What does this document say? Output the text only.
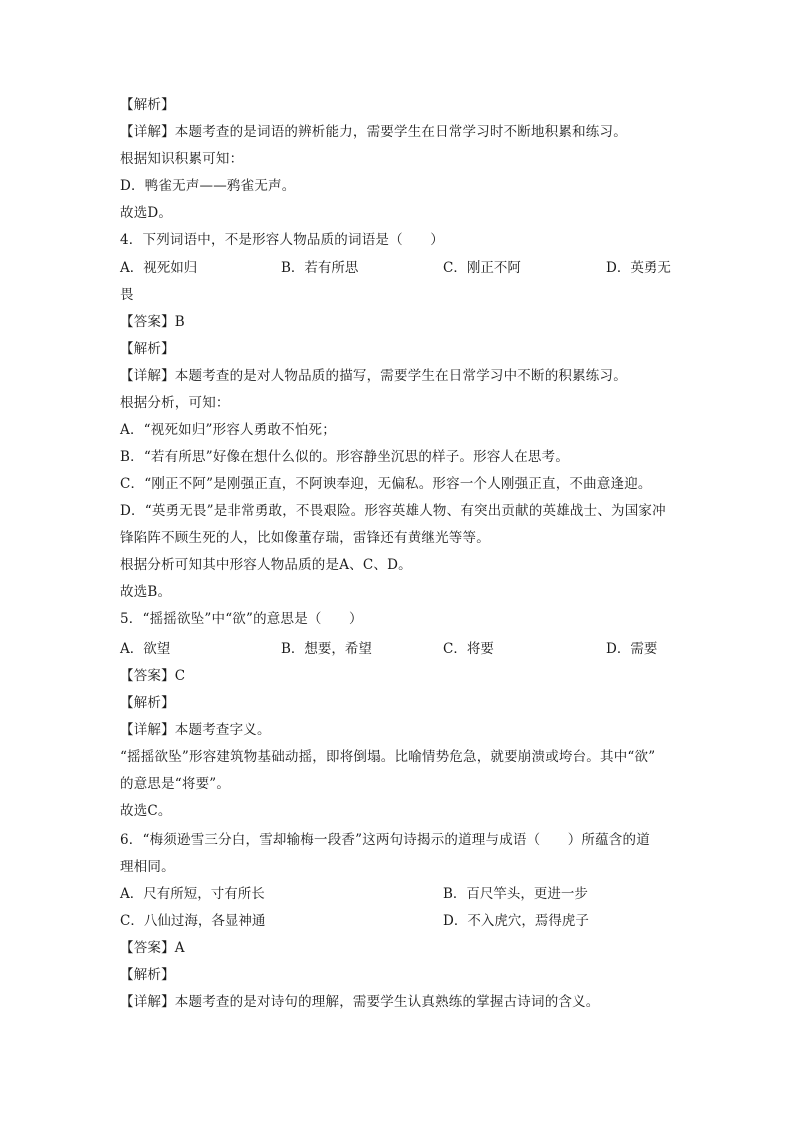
【解析】
【详解】本题考查的是词语的辨析能力，需要学生在日常学习时不断地积累和练习。
根据知识积累可知：
D．鸭雀无声——鸦雀无声。
故选D。
4．下列词语中，不是形容人物品质的词语是（　　）
A．视死如归	B．若有所思	C．刚正不阿	D．英勇无
畏
【答案】B
【解析】
【详解】本题考查的是对人物品质的描写，需要学生在日常学习中不断的积累练习。
根据分析，可知：
A．“视死如归”形容人勇敢不怕死；
B．“若有所思”好像在想什么似的。形容静坐沉思的样子。形容人在思考。
C．“刚正不阿”是刚强正直，不阿谀奉迎，无偏私。形容一个人刚强正直，不曲意逢迎。
D．“英勇无畏”是非常勇敢，不畏艰险。形容英雄人物、有突出贡献的英雄战士、为国家冲
锋陷阵不顾生死的人，比如像董存瑞，雷锋还有黄继光等等。
根据分析可知其中形容人物品质的是A、C、D。
故选B。
5．“摇摇欲坠”中“欲”的意思是（　　）
A．欲望	B．想要，希望	C．将要	D．需要
【答案】C
【解析】
【详解】本题考查字义。
“摇摇欲坠”形容建筑物基础动摇，即将倒塌。比喻情势危急，就要崩溃或垮台。其中“欲”
的意思是“将要”。
故选C。
6．“梅须逊雪三分白，雪却输梅一段香”这两句诗揭示的道理与成语（　　）所蕴含的道
理相同。
A．尺有所短，寸有所长	B．百尺竿头，更进一步
C．八仙过海，各显神通	D．不入虎穴，焉得虎子
【答案】A
【解析】
【详解】本题考查的是对诗句的理解，需要学生认真熟练的掌握古诗词的含义。
